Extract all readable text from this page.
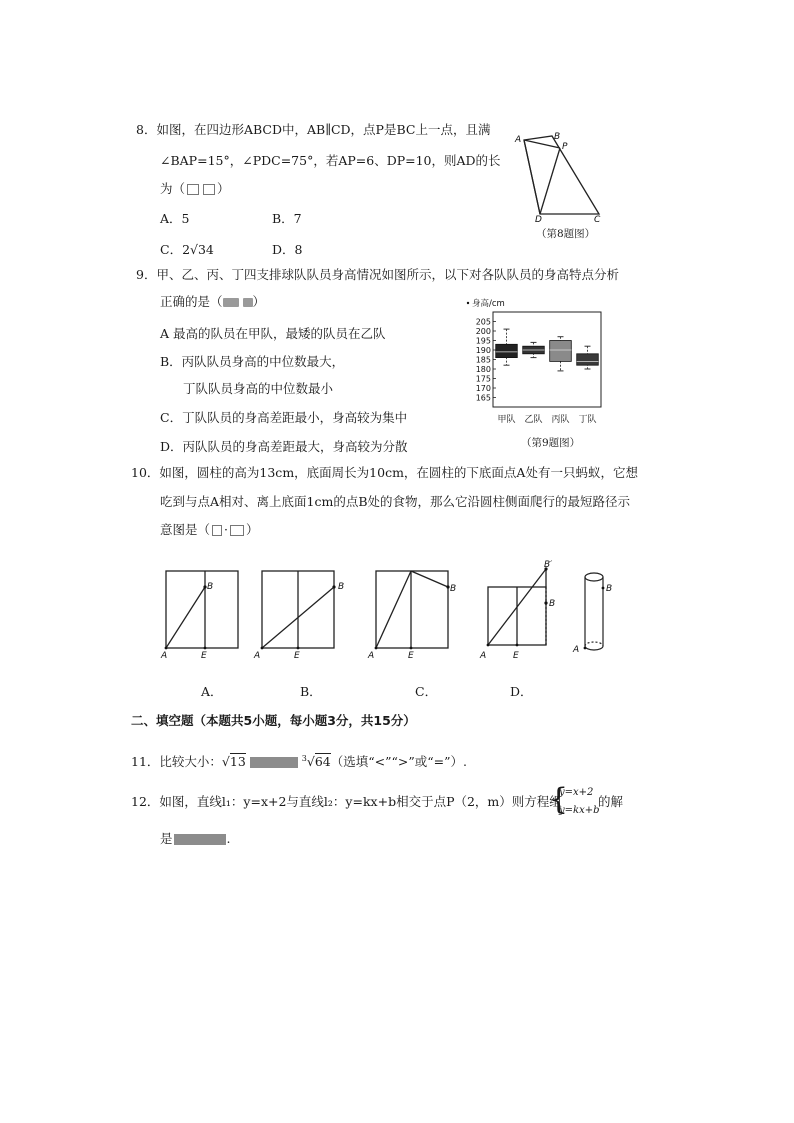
8．如图，在四边形ABCD中，AB∥CD，点P是BC上一点，且满
∠BAP=15°，∠PDC=75°，若AP=6、DP=10，则AD的长
为（	）
A．5	B．7
C．2√34	D．8
A	B
P
D	C
（第8题图）
9．甲、乙、丙、丁四支排球队队员身高情况如图所示，以下对各队队员的身高特点分析
正确的是（ ）
A 最高的队员在甲队，最矮的队员在乙队
B．丙队队员身高的中位数最大，
丁队队员身高的中位数最小
C．丁队队员的身高差距最小，身高较为集中
D．丙队队员的身高差距最大，身高较为分散
身高/cm
165
170
175
180
185
190
195
200
205
甲队 乙队 丙队 丁队
（第9题图）
10．如图，圆柱的高为13cm，底面周长为10cm，在圆柱的下底面点A处有一只蚂蚁，它想
吃到与点A相对、离上底面1cm的点B处的食物，那么它沿圆柱侧面爬行的最短路径示
意图是（ · ）
B
A	E
B
A	E
B
A	E
B′
B
A	E
B
A
A．	B．	C．	D．
二、填空题（本题共5小题，每小题3分，共15分）
11．比较大小：√13	$^3$√64（选填“<”“>”或“=”）.
12．如图，直线l₁：y=x+2与直线l₂：y=kx+b相交于点P（2，m）则方程组
{
y=x+2
y=kx+b
的解
是	.
